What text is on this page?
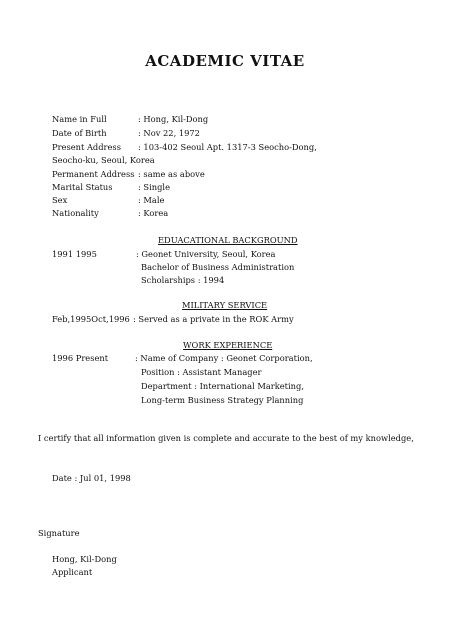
ACADEMIC VITAE
Name in Full	: Hong, Kil-Dong
Date of Birth	: Nov 22, 1972
Present Address : 103-402 Seoul Apt. 1317-3 Seocho-Dong,
Seocho-ku, Seoul, Korea
Permanent Address : same as above
Marital Status	: Single
Sex	: Male
Nationality	: Korea
EDUACATIONAL BACKGROUND
1991 1995	: Geonet University, Seoul, Korea
Bachelor of Business Administration
Scholarships : 1994
MILITARY SERVICE
Feb,1995Oct,1996 : Served as a private in the ROK Army
WORK EXPERIENCE
1996 Present	: Name of Company : Geonet Corporation,
Position : Assistant Manager
Department : International Marketing,
Long-term Business Strategy Planning
I certify that all information given is complete and accurate to the best of my knowledge,
Date : Jul 01, 1998
Signature
Hong, Kil-Dong
Applicant
